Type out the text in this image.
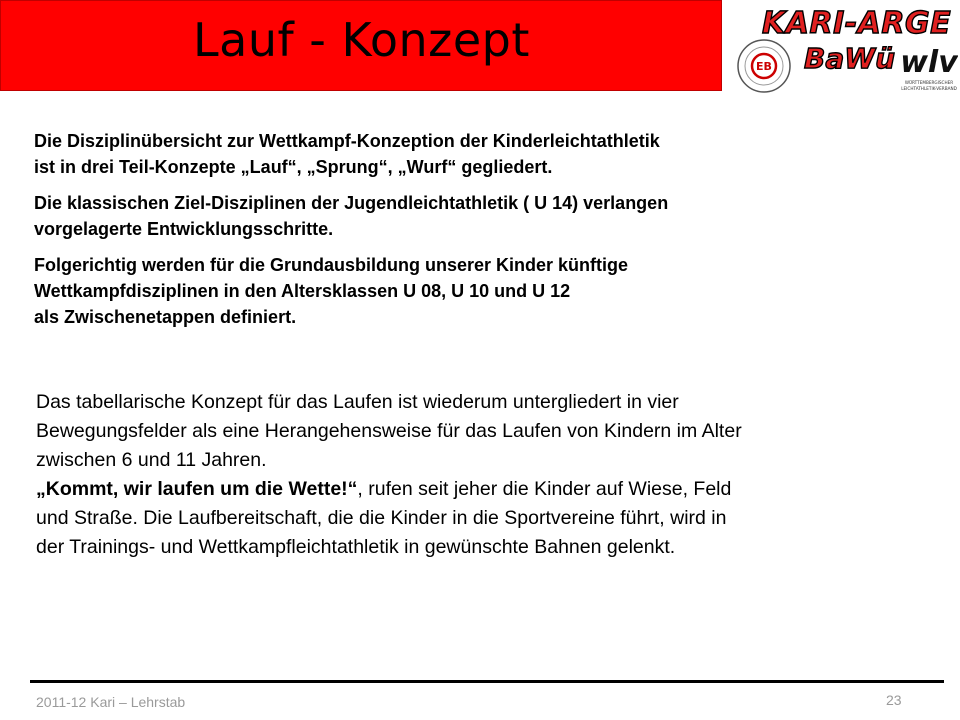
Lauf - Konzept	KARI-ARGE
BaWü
EB	wlv
WÜRTTEMBERGISCHER
LEICHTATHLETIK-VERBAND

Die Disziplinübersicht zur Wettkampf-Konzeption der Kinderleichtathletik
ist in drei Teil-Konzepte „Lauf“, „Sprung“, „Wurf“ gegliedert.

Die klassischen Ziel-Disziplinen der Jugendleichtathletik ( U 14) verlangen
vorgelagerte Entwicklungsschritte.

Folgerichtig werden für die Grundausbildung unserer Kinder künftige
Wettkampfdisziplinen in den Altersklassen U 08, U 10 und U 12
als Zwischenetappen definiert.

Das tabellarische Konzept für das Laufen ist wiederum untergliedert in vier
Bewegungsfelder als eine Herangehensweise für das Laufen von Kindern im Alter
zwischen 6 und 11 Jahren.
„Kommt, wir laufen um die Wette!“, rufen seit jeher die Kinder auf Wiese, Feld
und Straße. Die Laufbereitschaft, die die Kinder in die Sportvereine führt, wird in
der Trainings- und Wettkampfleichtathletik in gewünschte Bahnen gelenkt.

2011-12 Kari – Lehrstab	23
